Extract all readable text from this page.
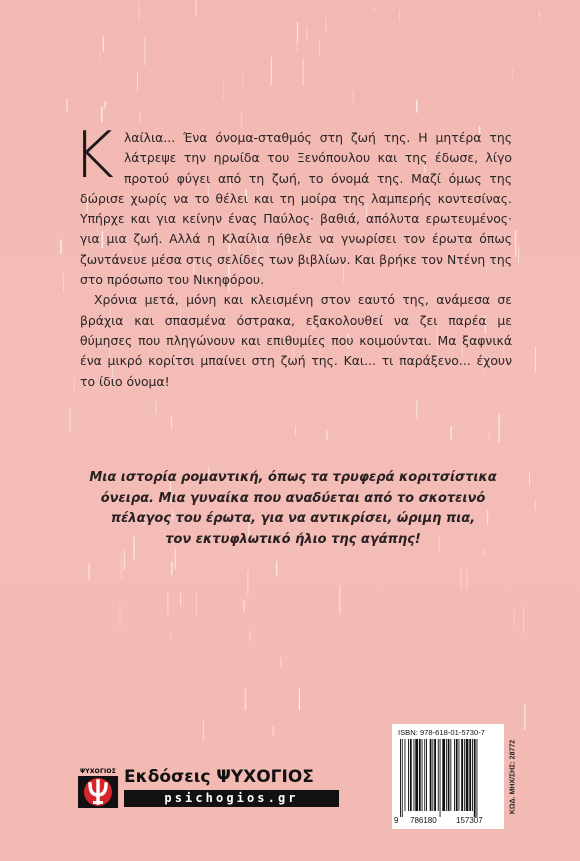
Κλαίλια... Ένα όνομα-σταθμός στη ζωή της. Η μητέρα της λάτρεψε την ηρωίδα του Ξενόπουλου και της έδωσε, λίγο προτού φύγει από τη ζωή, το όνομά της. Μαζί όμως της δώρισε χωρίς να το θέλει και τη μοίρα της λαμπερής κοντεσίνας. Υπήρχε και για κείνην ένας Παύλος· βαθιά, απόλυτα ερωτευμένος· για μια ζωή. Αλλά η Κλαίλια ήθελε να γνωρίσει τον έρωτα όπως ζωντάνευε μέσα στις σελίδες των βιβλίων. Και βρήκε τον Ντένη της στο πρόσωπο του Νικηφόρου.

Χρόνια μετά, μόνη και κλεισμένη στον εαυτό της, ανάμεσα σε βράχια και σπασμένα όστρακα, εξακολουθεί να ζει παρέα με θύμησες που πληγώνουν και επιθυμίες που κοιμούνται. Μα ξαφνικά ένα μικρό κορίτσι μπαίνει στη ζωή της. Και... τι παράξενο... έχουν το ίδιο όνομα!

Μια ιστορία ρομαντική, όπως τα τρυφερά κοριτσίστικα
όνειρα. Μια γυναίκα που αναδύεται από το σκοτεινό
πέλαγος του έρωτα, για να αντικρίσει, ώριμη πια,
τον εκτυφλωτικό ήλιο της αγάπης!
ΨΥΧΟΓΙΟΣ Εκδόσεις ΨΥΧΟΓΙΟΣ
psichogios.gr
ISBN: 978-618-01-5730-7
9 786180 157307
ΚΩΔ. ΜΗΧ/ΣΗΣ: 28772
